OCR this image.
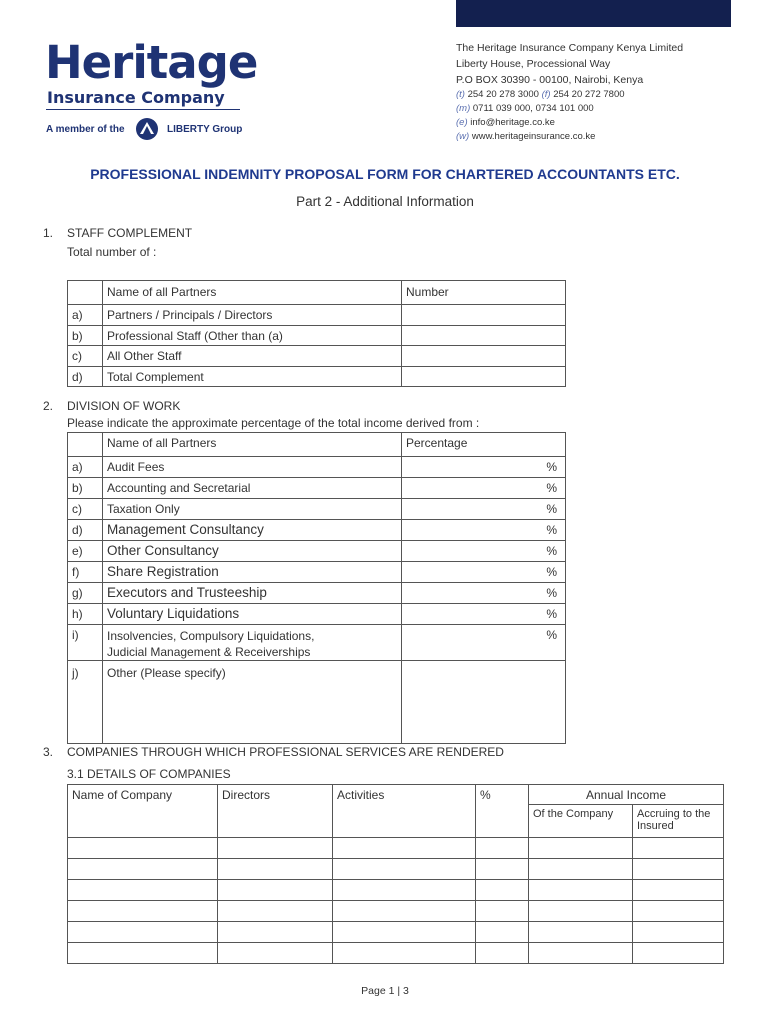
Heritage
Insurance Company
A member of the	LIBERTY Group
The Heritage Insurance Company Kenya Limited
Liberty House, Processional Way
P.O BOX 30390 - 00100, Nairobi, Kenya
(t) 254 20 278 3000 (f) 254 20 272 7800
(m) 0711 039 000, 0734 101 000
(e) info@heritage.co.ke
(w) www.heritageinsurance.co.ke
PROFESSIONAL INDEMNITY PROPOSAL FORM FOR CHARTERED ACCOUNTANTS ETC.
Part 2 - Additional Information
1. STAFF COMPLEMENT
Total number of :
	Name of all Partners	Number
a)	Partners / Principals / Directors	
b)	Professional Staff (Other than (a)	
c)	All Other Staff	
d)	Total Complement	
2. DIVISION OF WORK
Please indicate the approximate percentage of the total income derived from :
	Name of all Partners	Percentage
a)	Audit Fees	%
b)	Accounting and Secretarial	%
c)	Taxation Only	%
d)	Management Consultancy	%
e)	Other Consultancy	%
f)	Share Registration	%
g)	Executors and Trusteeship	%
h)	Voluntary Liquidations	%
i)	Insolvencies, Compulsory Liquidations,
Judicial Management & Receiverships	%
j)	Other (Please specify)	
3. COMPANIES THROUGH WHICH PROFESSIONAL SERVICES ARE RENDERED
3.1 DETAILS OF COMPANIES
Name of Company	Directors	Activities	%	Annual Income	
				Of the Company	Accruing to the Insured

Page 1 | 3
